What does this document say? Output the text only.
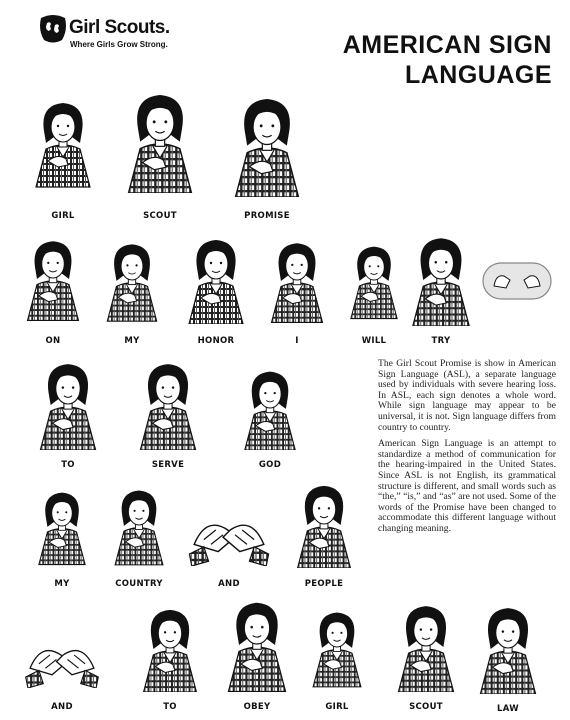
Girl Scouts.
Where Girls Grow Strong.	AMERICAN SIGN
LANGUAGE
GIRL	SCOUT	PROMISE
ON	MY	HONOR	I	WILL	TRY
TO	SERVE	GOD
MY	COUNTRY	AND	PEOPLE
AND	TO	OBEY	GIRL	SCOUT	LAW

The Girl Scout Promise is show in American Sign Language (ASL), a separate language used by individuals with severe hearing loss. In ASL, each sign denotes a whole word. While sign language may appear to be universal, it is not. Sign language differs from country to country.

American Sign Language is an attempt to standardize a method of communication for the hearing-impaired in the United States. Since ASL is not English, its grammatical structure is different, and small words such as “the,” “is,” and “as” are not used. Some of the words of the Promise have been changed to accommodate this different language without changing meaning.
